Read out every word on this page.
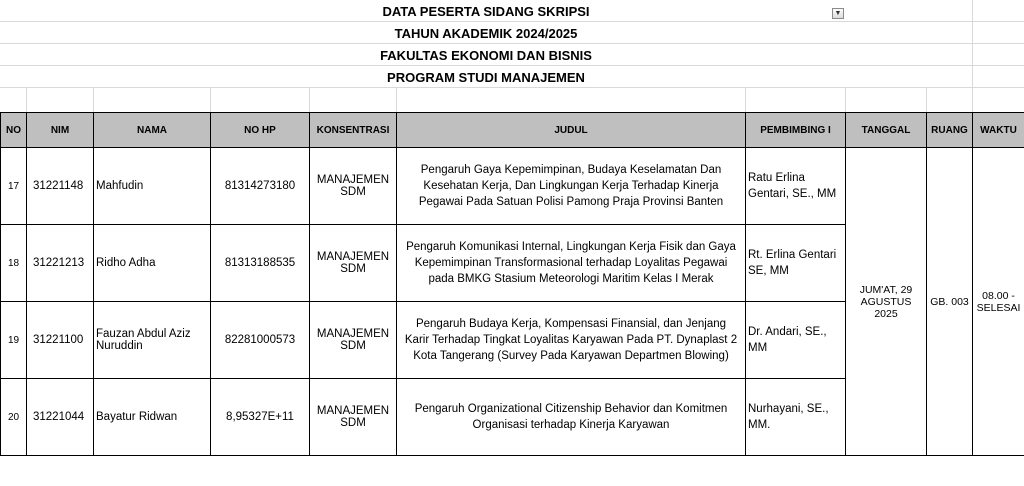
DATA PESERTA SIDANG SKRIPSI	▼
TAHUN AKADEMIK 2024/2025
FAKULTAS EKONOMI DAN BISNIS
PROGRAM STUDI MANAJEMEN
NO	NIM	NAMA	NO HP	KONSENTRASI	JUDUL	PEMBIMBING I	TANGGAL	RUANG	WAKTU
17	31221148	Mahfudin	81314273180	MANAJEMEN SDM	Pengaruh Gaya Kepemimpinan, Budaya Keselamatan Dan Kesehatan Kerja, Dan Lingkungan Kerja Terhadap Kinerja Pegawai Pada Satuan Polisi Pamong Praja Provinsi Banten	Ratu Erlina Gentari, SE., MM	JUM'AT, 29 AGUSTUS 2025	GB. 003	08.00 - SELESAI
18	31221213	Ridho Adha	81313188535	MANAJEMEN SDM	Pengaruh Komunikasi Internal, Lingkungan Kerja Fisik dan Gaya Kepemimpinan Transformasional terhadap Loyalitas Pegawai pada BMKG Stasium Meteorologi Maritim Kelas I Merak	Rt. Erlina Gentari SE, MM			
19	31221100	Fauzan Abdul Aziz Nuruddin	82281000573	MANAJEMEN SDM	Pengaruh Budaya Kerja, Kompensasi Finansial, dan Jenjang Karir Terhadap Tingkat Loyalitas Karyawan Pada PT. Dynaplast 2 Kota Tangerang (Survey Pada Karyawan Departmen Blowing)	Dr. Andari, SE., MM			
20	31221044	Bayatur Ridwan	8,95327E+11	MANAJEMEN SDM	Pengaruh Organizational Citizenship Behavior dan Komitmen Organisasi terhadap Kinerja Karyawan	Nurhayani, SE., MM.			
